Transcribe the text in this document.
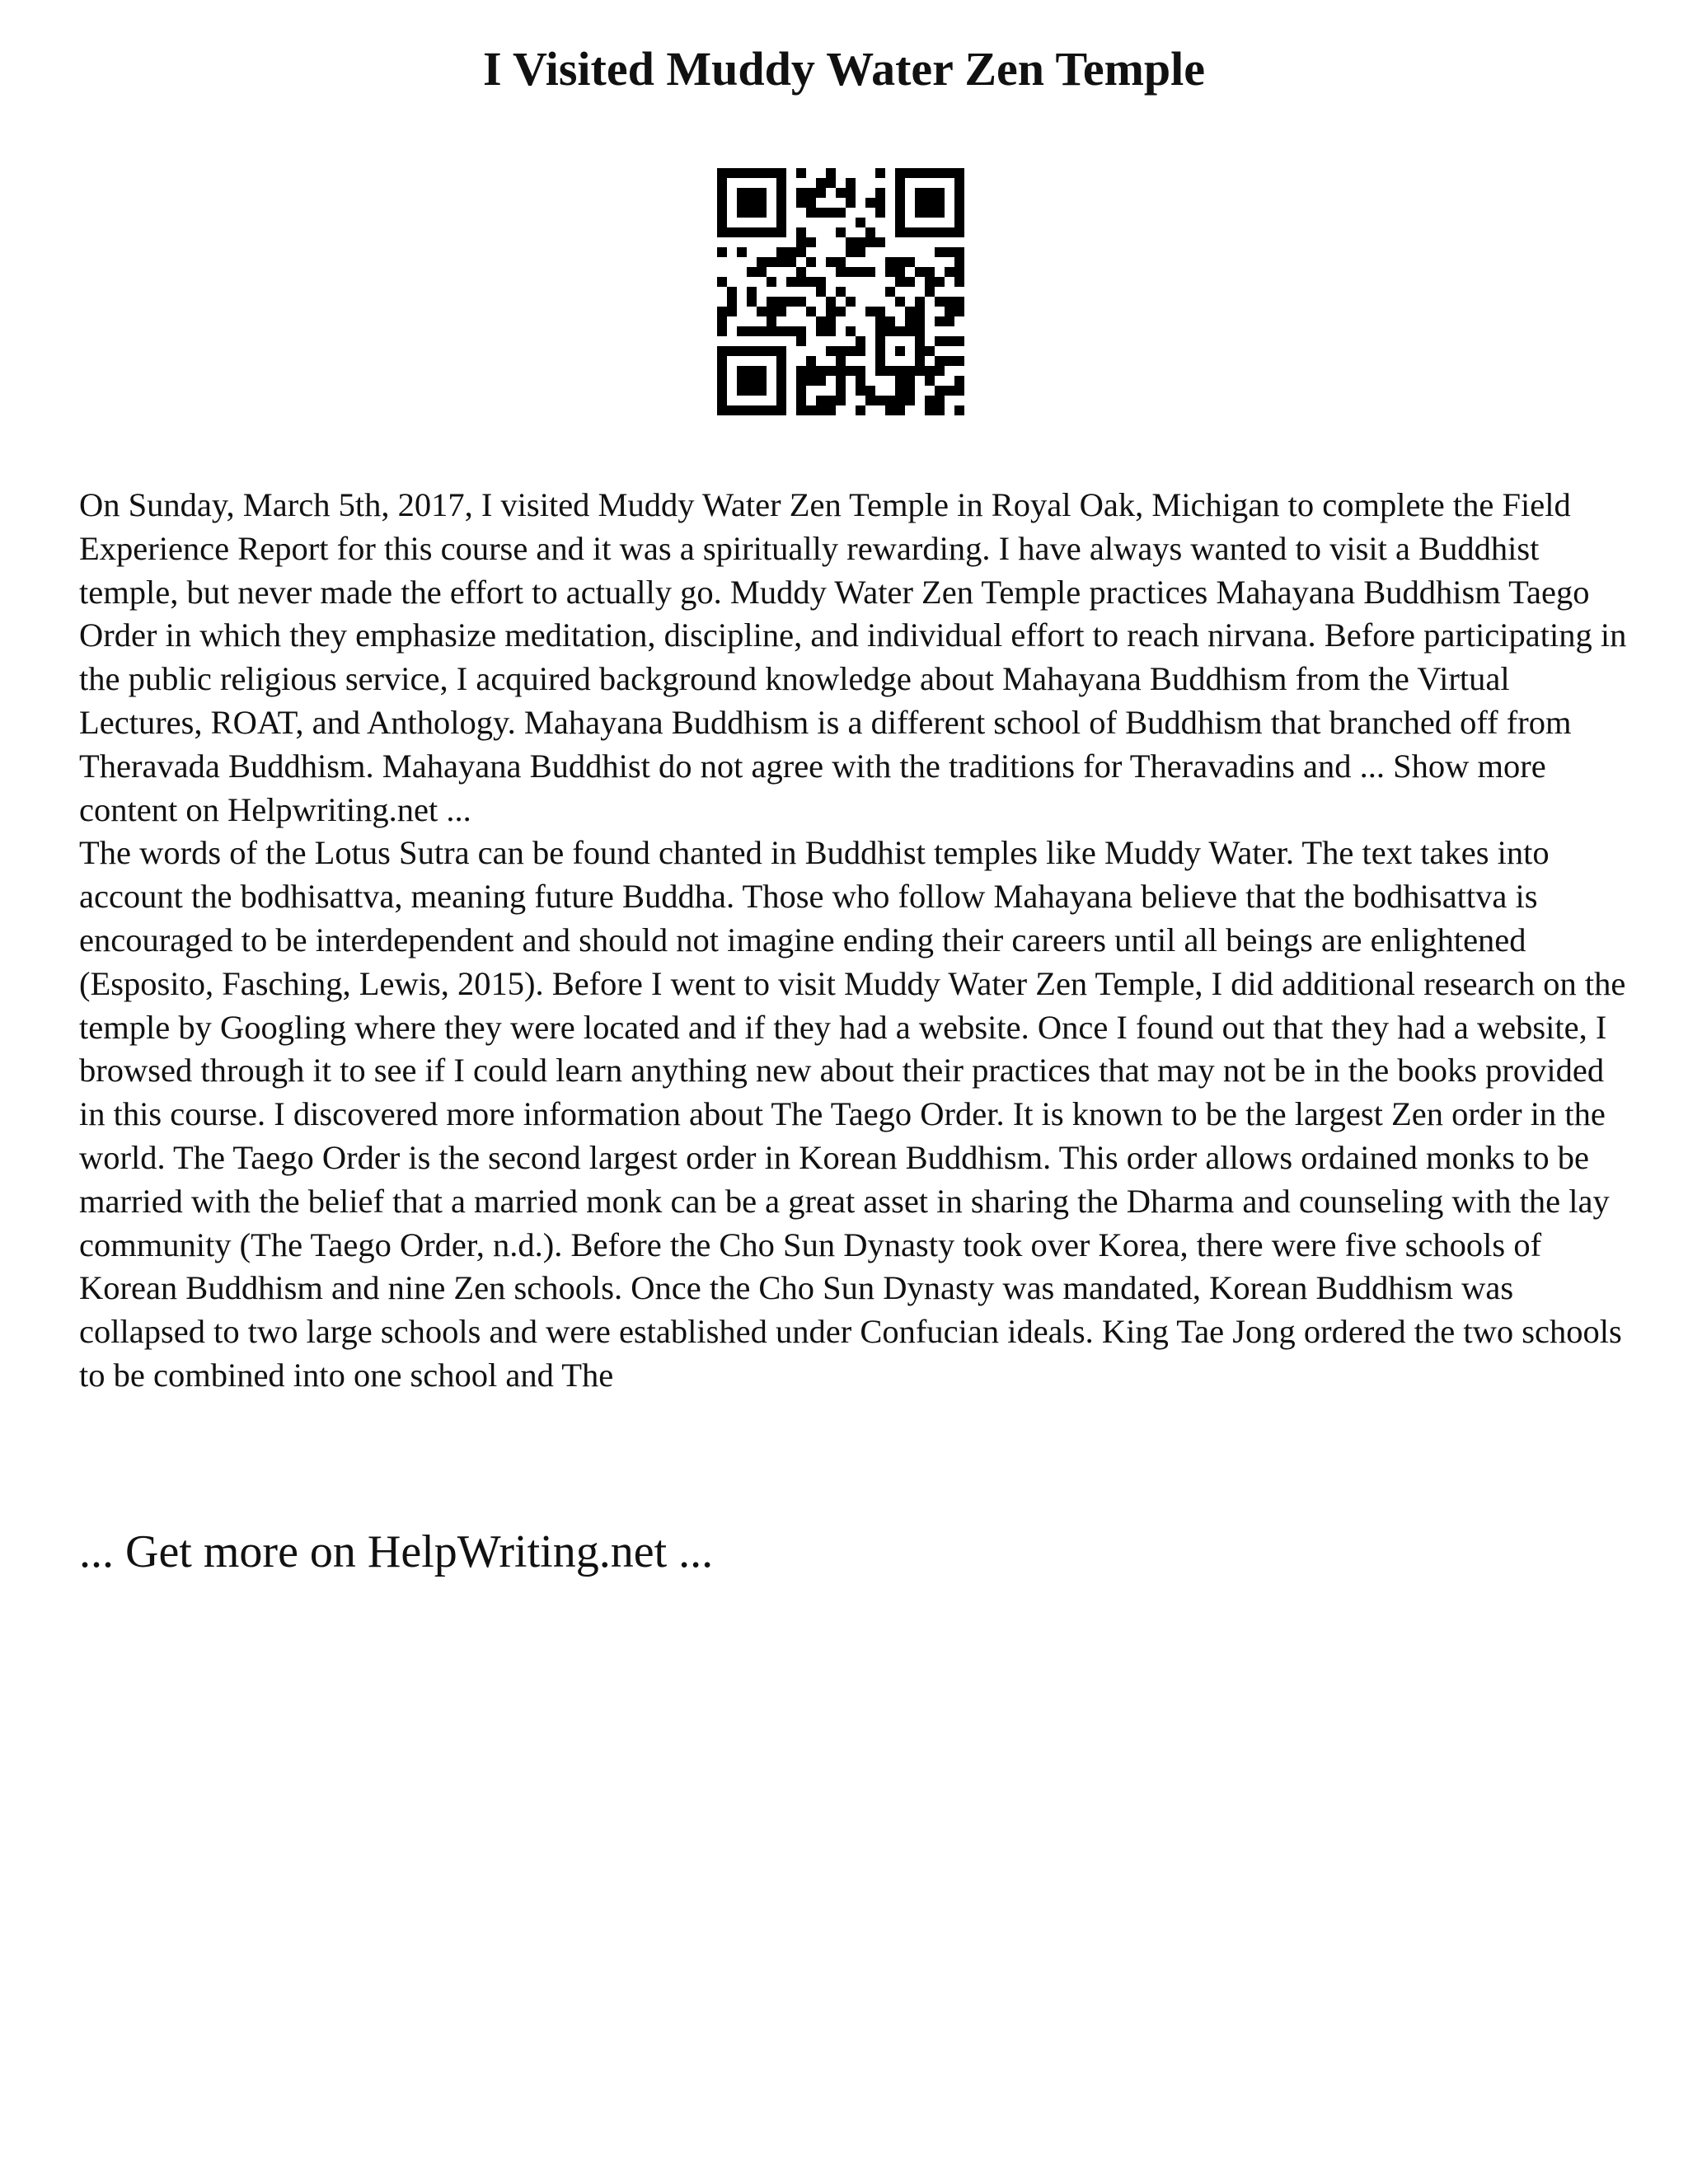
I Visited Muddy Water Zen Temple

On Sunday, March 5th, 2017, I visited Muddy Water Zen Temple in Royal Oak, Michigan to complete the Field Experience Report for this course and it was a spiritually rewarding. I have always wanted to visit a Buddhist temple, but never made the effort to actually go. Muddy Water Zen Temple practices Mahayana Buddhism Taego Order in which they emphasize meditation, discipline, and individual effort to reach nirvana. Before participating in the public religious service, I acquired background knowledge about Mahayana Buddhism from the Virtual Lectures, ROAT, and Anthology. Mahayana Buddhism is a different school of Buddhism that branched off from Theravada Buddhism. Mahayana Buddhist do not agree with the traditions for Theravadins and ... Show more content on Helpwriting.net ...

The words of the Lotus Sutra can be found chanted in Buddhist temples like Muddy Water. The text takes into account the bodhisattva, meaning future Buddha. Those who follow Mahayana believe that the bodhisattva is encouraged to be interdependent and should not imagine ending their careers until all beings are enlightened (Esposito, Fasching, Lewis, 2015). Before I went to visit Muddy Water Zen Temple, I did additional research on the temple by Googling where they were located and if they had a website. Once I found out that they had a website, I browsed through it to see if I could learn anything new about their practices that may not be in the books provided in this course. I discovered more information about The Taego Order. It is known to be the largest Zen order in the world. The Taego Order is the second largest order in Korean Buddhism. This order allows ordained monks to be married with the belief that a married monk can be a great asset in sharing the Dharma and counseling with the lay community (The Taego Order, n.d.). Before the Cho Sun Dynasty took over Korea, there were five schools of Korean Buddhism and nine Zen schools. Once the Cho Sun Dynasty was mandated, Korean Buddhism was collapsed to two large schools and were established under Confucian ideals. King Tae Jong ordered the two schools to be combined into one school and The

... Get more on HelpWriting.net ...
